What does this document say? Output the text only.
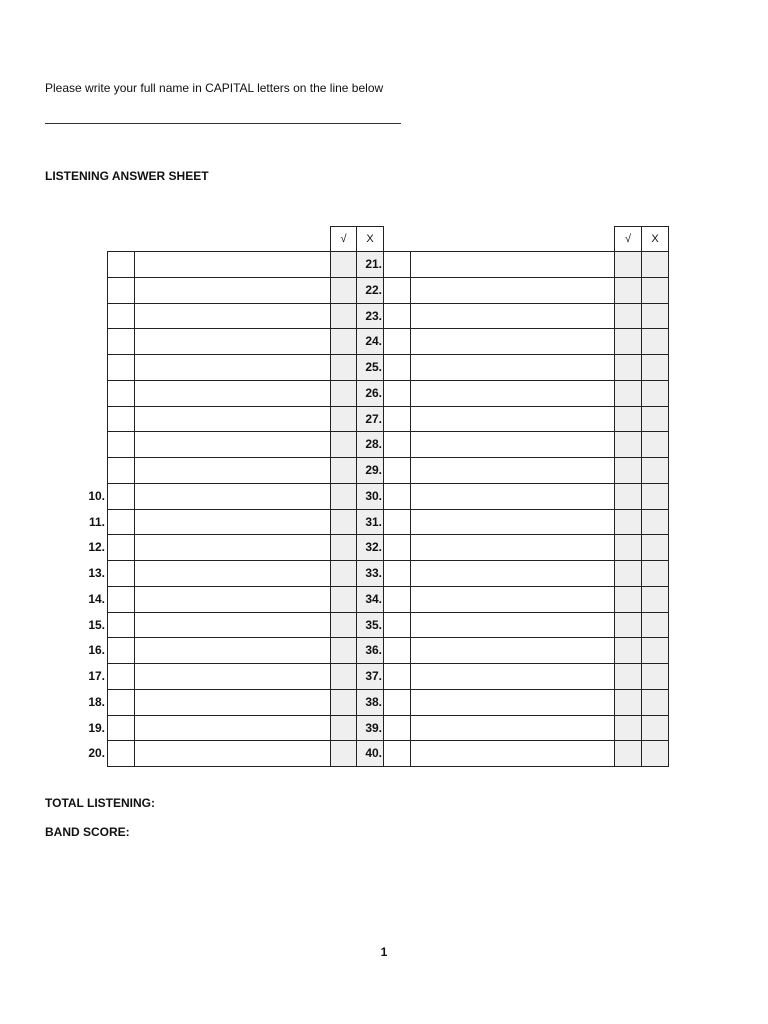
Please write your full name in CAPITAL letters on the line below
LISTENING ANSWER SHEET
√	X
10.
11.
12.
13.
14.
15.
16.
17.
18.
19.
20.
√	X
21.
22.
23.
24.
25.
26.
27.
28.
29.
30.
31.
32.
33.
34.
35.
36.
37.
38.
39.
40.
TOTAL LISTENING:
BAND SCORE:
1
